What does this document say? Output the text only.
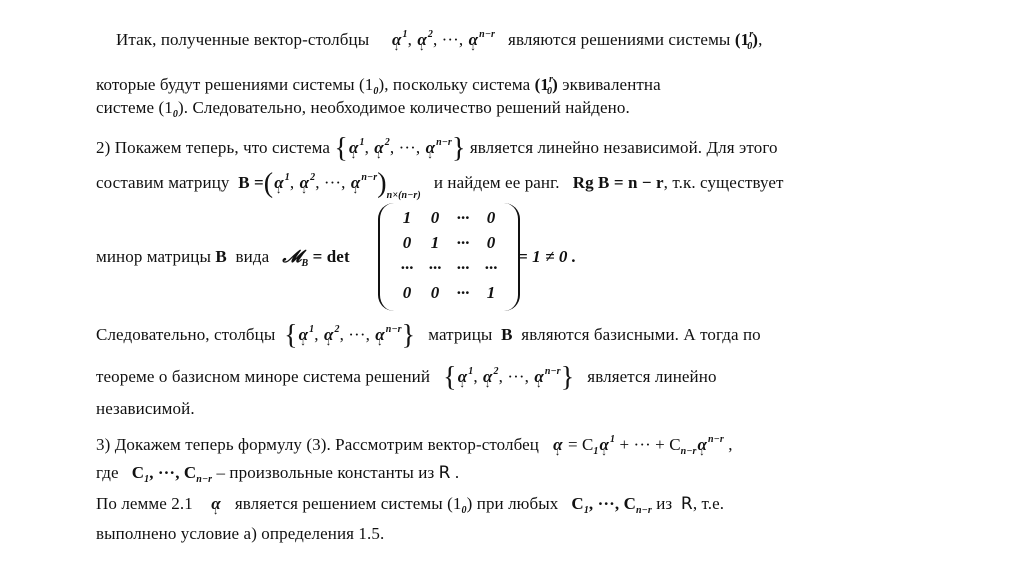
Итак, полученные вектор-столбцы α ↓$^1$, α ↓$^2$, ···, α ↓$^{n-r}$ являются решениями системы $(1^r_0)$,
которые будут решениями системы $(1_0)$, поскольку система $(1^r_0)$ эквивалентна
системе $(1_0)$. Следовательно, необходимое количество решений найдено.
2) Покажем теперь, что система {α ↓$^1$, α ↓$^2$, ···, α ↓$^{n-r}$} является линейно независимой. Для этого
составим матрицу B =(α ↓$^1$, α ↓$^2$, ···, α $↓^{n-r})_{n\times(n-r)}$   и найдем ее ранг. Rg B = n − r, т.к. существует
минор матрицы B вида 𝓜$_B$ = det
1	0	···	0
0	1	···	0
···	···	···	···
0	0	···	1
= 1 ≠ 0 .
Следовательно, столбцы {α ↓$^1$, α ↓$^2$, ···, α ↓$^{n-r}$} матрицы B являются базисными. А тогда по
теореме о базисном миноре система решений {α ↓$^1$, α ↓$^2$, ···, α ↓$^{n-r}$} является линейно
независимой.
3) Докажем теперь формулу (3). Рассмотрим вектор-столбец α ↓ = $C_1\alpha$ ↓$^1$ + ··· + $C_{n-r}\alpha$ ↓$^{n-r}$ ,
где $C_1$, ···, $C_{n-r}$ – произвольные константы из R .
По лемме 2.1 α ↓ является решением системы $(1_0)$ при любых $C_1$, ···, $C_{n-r}$ из R, т.е.
выполнено условие а) определения 1.5.
